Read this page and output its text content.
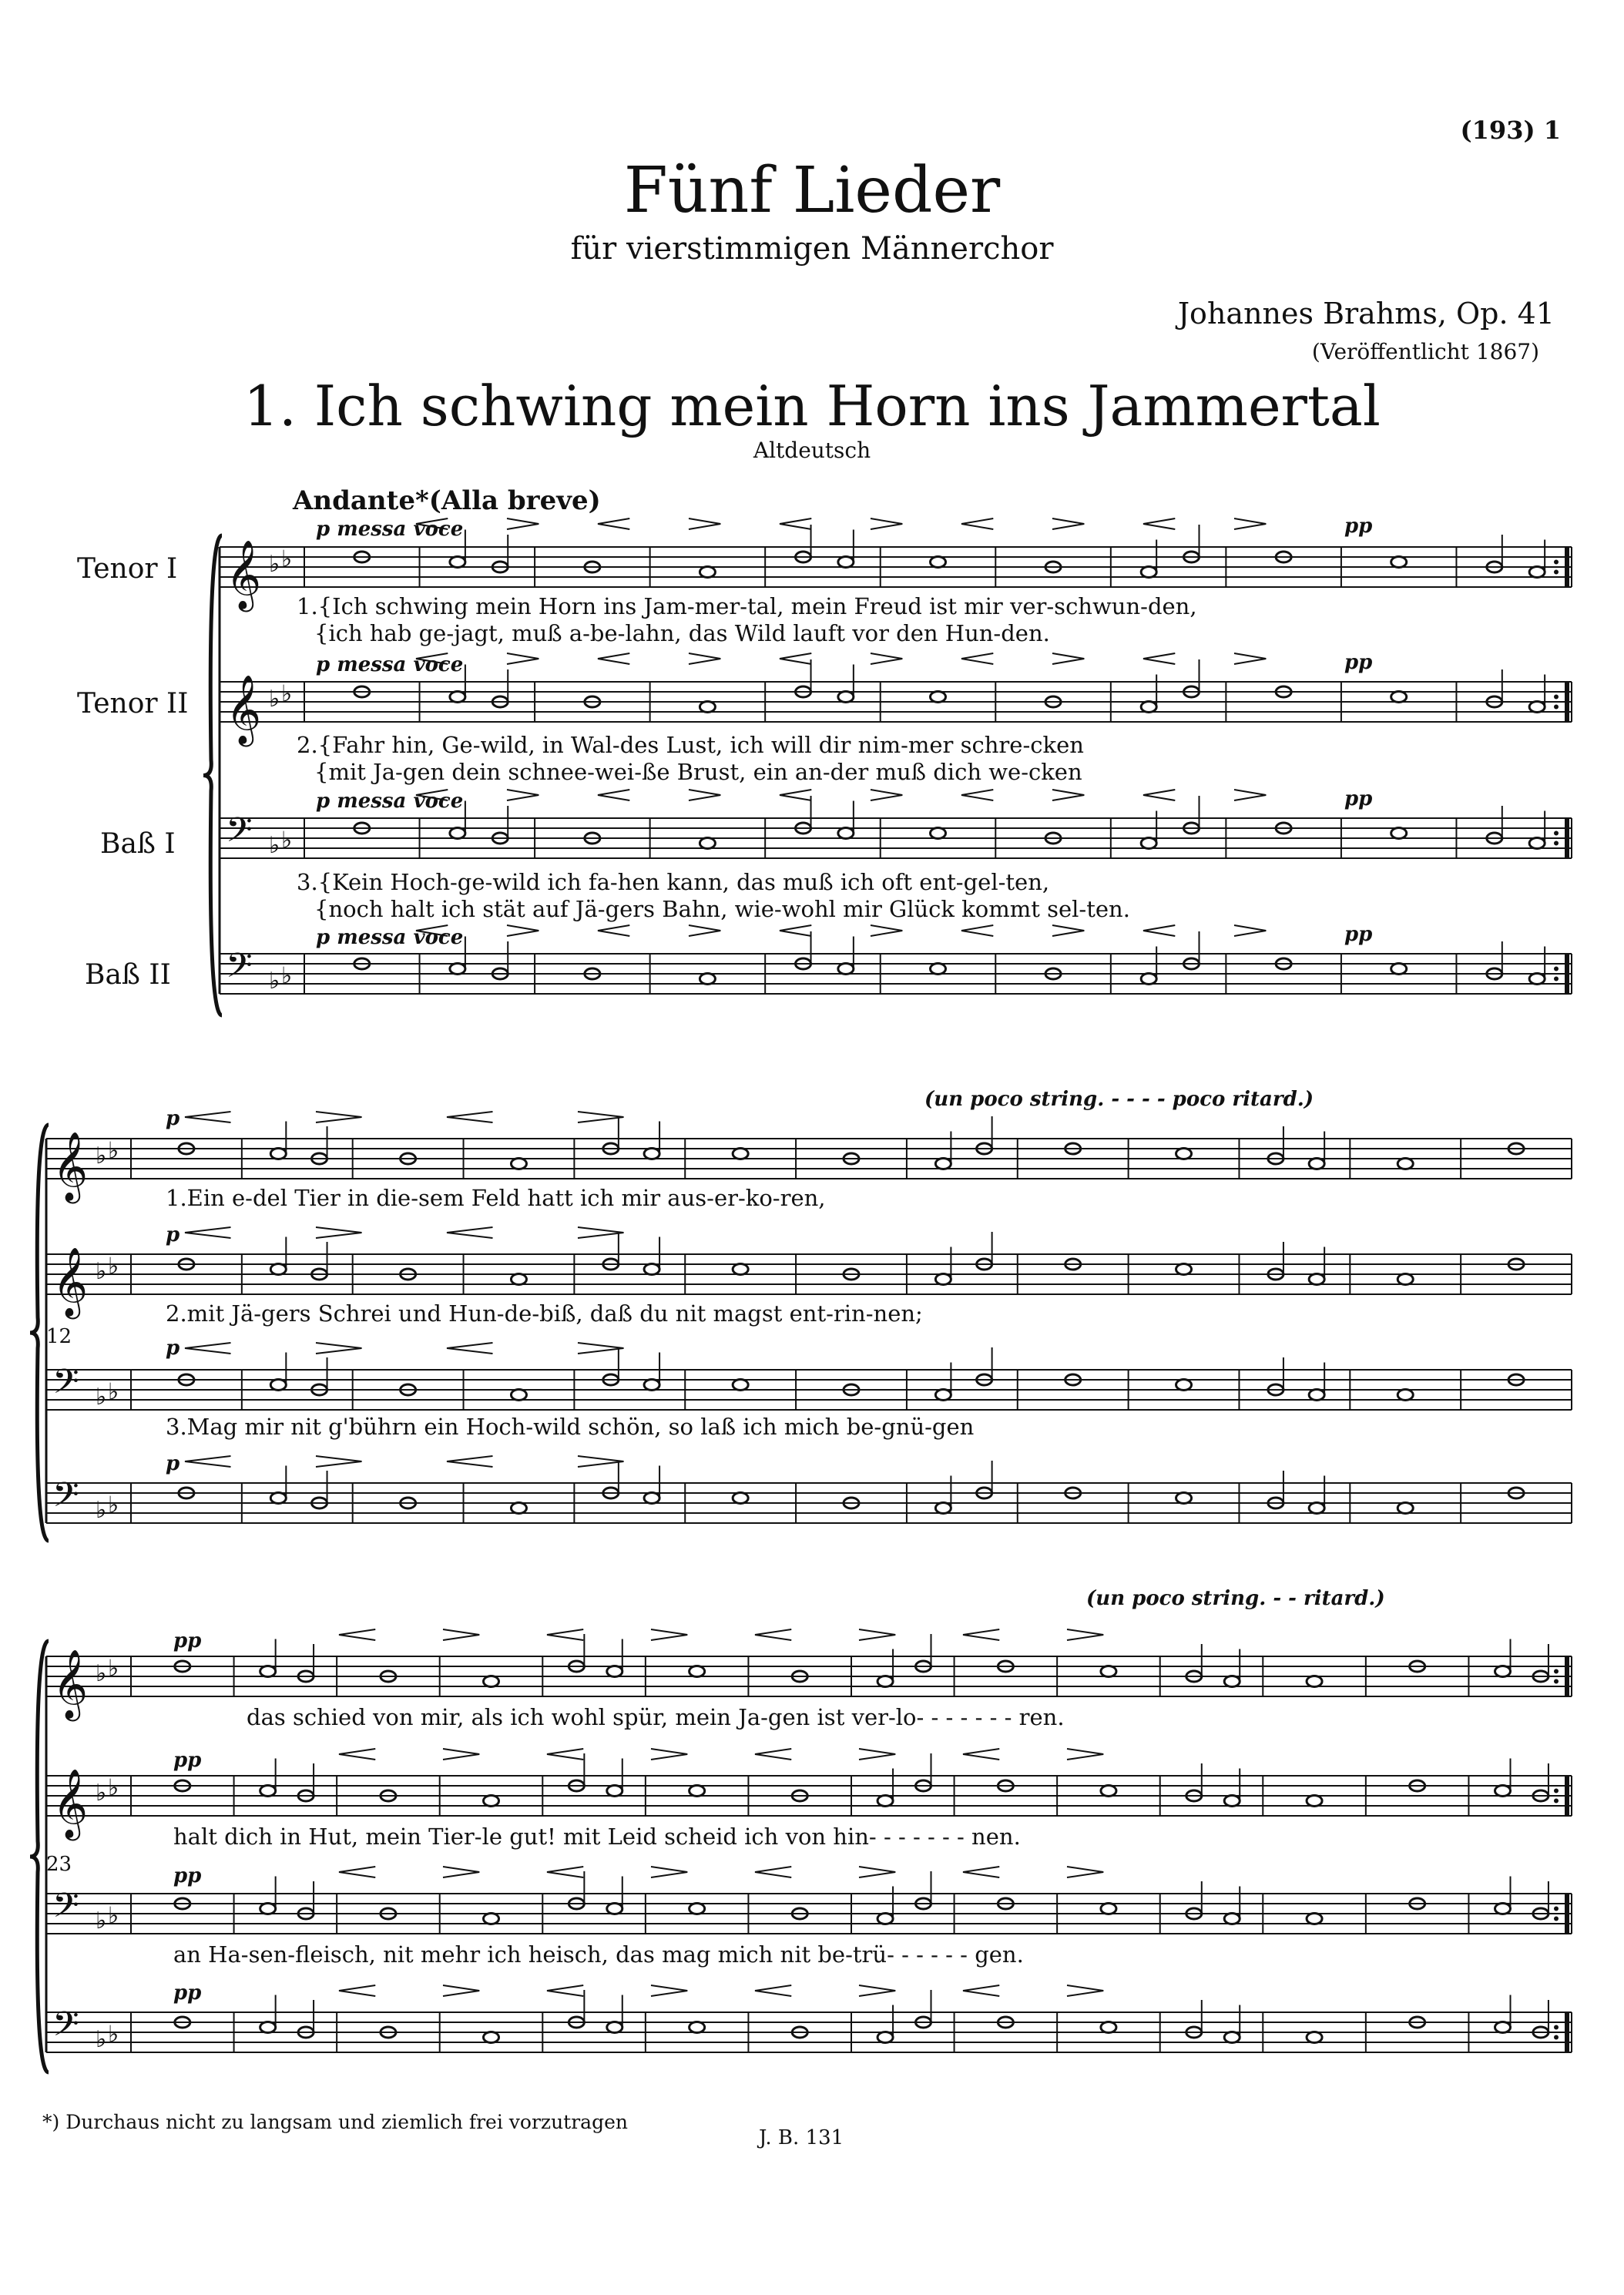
(193) 1
Fünf Lieder
für vierstimmigen Männerchor
Johannes Brahms, Op. 41
(Veröffentlicht 1867)
1. Ich schwing mein Horn ins Jammertal
Altdeutsch
Andante*(Alla breve)
Tenor I
Tenor II
Baß I
Baß II
p messa voce
p messa voce
p messa voce
p messa voce
pp
pp
pp
pp
1.{Ich schwing mein Horn ins Jam-mer-tal, mein Freud ist mir ver-schwun-den,
{ich hab ge-jagt, muß a-be-lahn, das Wild lauft vor den Hun-den.
2.{Fahr hin, Ge-wild, in Wal-des Lust, ich will dir nim-mer schre-cken
{mit Ja-gen dein schnee-wei-ße Brust, ein an-der muß dich we-cken
3.{Kein Hoch-ge-wild ich fa-hen kann, das muß ich oft ent-gel-ten,
{noch halt ich stät auf Jä-gers Bahn, wie-wohl mir Glück kommt sel-ten.
(un poco string. - - - - poco ritard.)
p
p
p
p
12
1.Ein e-del Tier in die-sem Feld hatt ich mir aus-er-ko-ren,
2.mit Jä-gers Schrei und Hun-de-biß, daß du nit magst ent-rin-nen;
3.Mag mir nit g'bührn ein Hoch-wild schön, so laß ich mich be-gnü-gen
(un poco string. - - ritard.)
pp
pp
pp
pp
23
das schied von mir, als ich wohl spür, mein Ja-gen ist ver-lo- - - - - - - ren.
halt dich in Hut, mein Tier-le gut! mit Leid scheid ich von hin- - - - - - - nen.
an Ha-sen-fleisch, nit mehr ich heisch, das mag mich nit be-trü- - - - - - gen.
*) Durchaus nicht zu langsam und ziemlich frei vorzutragen
J. B. 131
𝄞 ♭ ♭
𝄞 ♭ ♭
𝄢 ♭ ♭
𝄢 ♭ ♭
𝄞 ♭ ♭
𝄞 ♭ ♭
𝄢 ♭ ♭
𝄢 ♭ ♭
𝄞 ♭ ♭
𝄞 ♭ ♭
𝄢 ♭ ♭
𝄢 ♭ ♭
